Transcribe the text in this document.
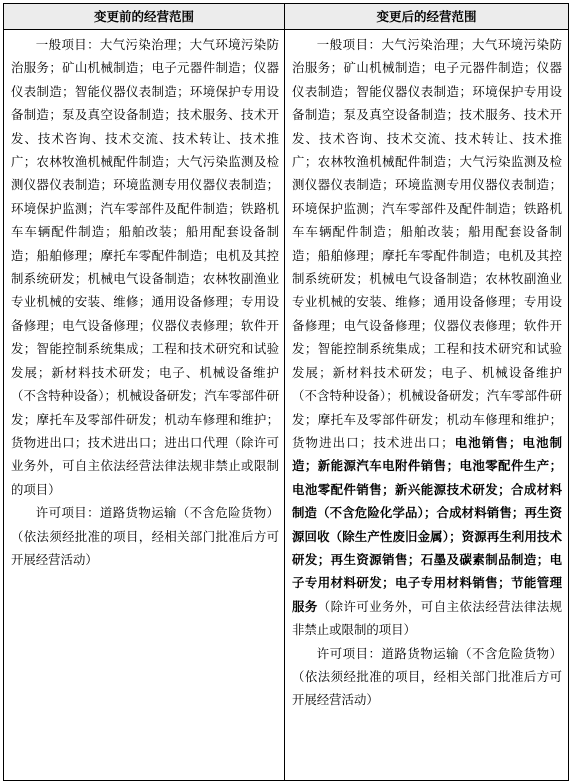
变更前的经营范围	变更后的经营范围

一般项目：大气污染治理；大气环境污染防治服务；矿山机械制造；电子元器件制造；仪器仪表制造；智能仪器仪表制造；环境保护专用设备制造；泵及真空设备制造；技术服务、技术开发、技术咨询、技术交流、技术转让、技术推广；农林牧渔机械配件制造；大气污染监测及检测仪器仪表制造；环境监测专用仪器仪表制造；环境保护监测；汽车零部件及配件制造；铁路机车车辆配件制造；船舶改装；船用配套设备制造；船舶修理；摩托车零配件制造；电机及其控制系统研发；机械电气设备制造；农林牧副渔业专业机械的安装、维修；通用设备修理；专用设备修理；电气设备修理；仪器仪表修理；软件开发；智能控制系统集成；工程和技术研究和试验发展；新材料技术研发；电子、机械设备维护（不含特种设备）；机械设备研发；汽车零部件研发；摩托车及零部件研发；机动车修理和维护；货物进出口；技术进出口；进出口代理（除许可业务外，可自主依法经营法律法规非禁止或限制的项目）

许可项目：道路货物运输（不含危险货物）（依法须经批准的项目，经相关部门批准后方可开展经营活动）

一般项目：大气污染治理；大气环境污染防治服务；矿山机械制造；电子元器件制造；仪器仪表制造；智能仪器仪表制造；环境保护专用设备制造；泵及真空设备制造；技术服务、技术开发、技术咨询、技术交流、技术转让、技术推广；农林牧渔机械配件制造；大气污染监测及检测仪器仪表制造；环境监测专用仪器仪表制造；环境保护监测；汽车零部件及配件制造；铁路机车车辆配件制造；船舶改装；船用配套设备制造；船舶修理；摩托车零配件制造；电机及其控制系统研发；机械电气设备制造；农林牧副渔业专业机械的安装、维修；通用设备修理；专用设备修理；电气设备修理；仪器仪表修理；软件开发；智能控制系统集成；工程和技术研究和试验发展；新材料技术研发；电子、机械设备维护（不含特种设备）；机械设备研发；汽车零部件研发；摩托车及零部件研发；机动车修理和维护；货物进出口；技术进出口；电池销售；电池制造；新能源汽车电附件销售；电池零配件生产；电池零配件销售；新兴能源技术研发；合成材料制造（不含危险化学品）；合成材料销售；再生资源回收（除生产性废旧金属）；资源再生利用技术研发；再生资源销售；石墨及碳素制品制造；电子专用材料研发；电子专用材料销售；节能管理服务（除许可业务外，可自主依法经营法律法规非禁止或限制的项目）

许可项目：道路货物运输（不含危险货物）（依法须经批准的项目，经相关部门批准后方可开展经营活动）
